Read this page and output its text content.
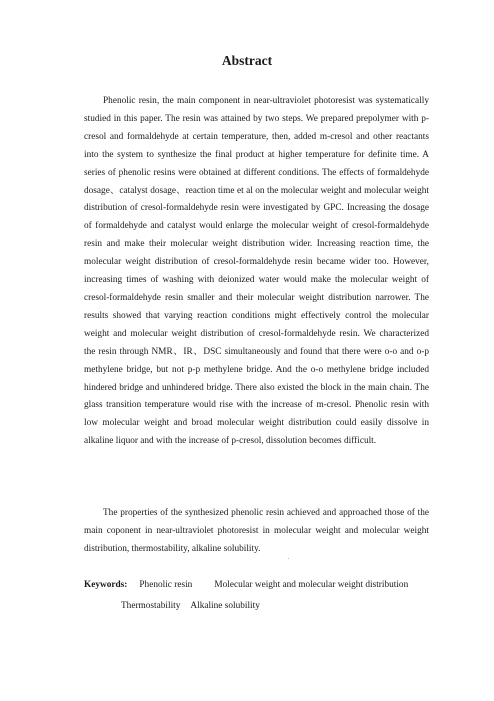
Abstract

Phenolic resin, the main component in near-ultraviolet photoresist was systematically studied in this paper. The resin was attained by two steps. We prepared prepolymer with p-cresol and formaldehyde at certain temperature, then, added m-cresol and other reactants into the system to synthesize the final product at higher temperature for definite time. A series of phenolic resins were obtained at different conditions. The effects of formaldehyde dosage、catalyst dosage、reaction time et al on the molecular weight and molecular weight distribution of cresol-formaldehyde resin were investigated by GPC. Increasing the dosage of formaldehyde and catalyst would enlarge the molecular weight of cresol-formaldehyde resin and make their molecular weight distribution wider. Increasing reaction time, the molecular weight distribution of cresol-formaldehyde resin became wider too. However, increasing times of washing with deionized water would make the molecular weight of cresol-formaldehyde resin smaller and their molecular weight distribution narrower. The results showed that varying reaction conditions might effectively control the molecular weight and molecular weight distribution of cresol-formaldehyde resin. We characterized the resin through NMR、IR、DSC simultaneously and found that there were o-o and o-p methylene bridge, but not p-p methylene bridge. And the o-o methylene bridge included hindered bridge and unhindered bridge. There also existed the block in the main chain. The glass transition temperature would rise with the increase of m-cresol. Phenolic resin with low molecular weight and broad molecular weight distribution could easily dissolve in alkaline liquor and with the increase of p-cresol, dissolution becomes difficult.

The properties of the synthesized phenolic resin achieved and approached those of the main coponent in near-ultraviolet photoresist in molecular weight and molecular weight distribution, thermostability, alkaline solubility.

Keywords: Phenolic resin Molecular weight and molecular weight distribution
Thermostability Alkaline solubility
